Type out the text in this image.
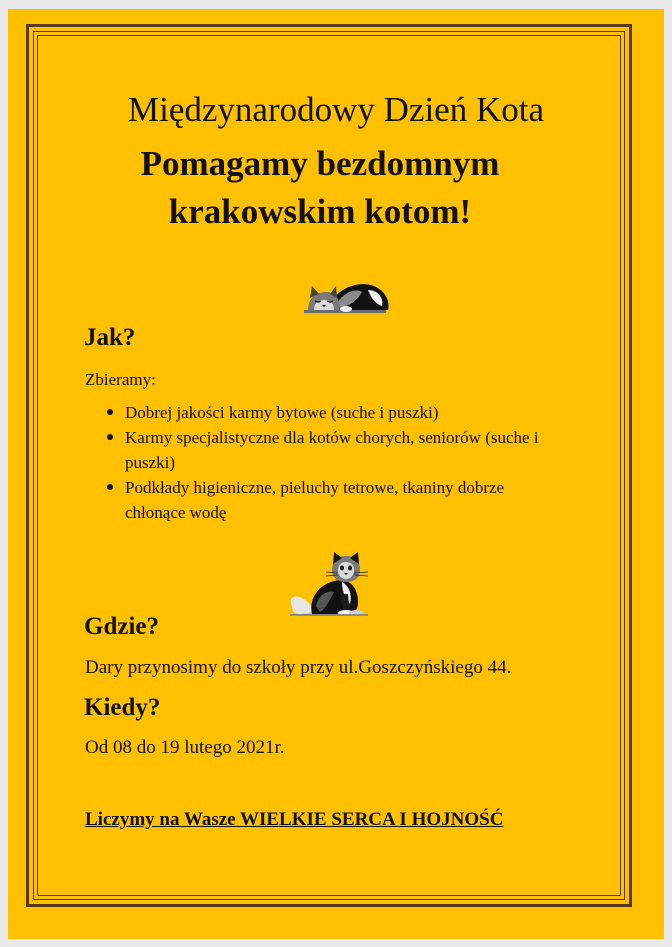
Międzynarodowy Dzień Kota
Pomagamy bezdomnym
krakowskim kotom!
Jak?

Zbieramy:

Dobrej jakości karmy bytowe (suche i puszki)
Karmy specjalistyczne dla kotów chorych, seniorów (suche i puszki)
Podkłady higieniczne, pieluchy tetrowe, tkaniny dobrze chłonące wodę
Gdzie?

Dary przynosimy do szkoły przy ul.Goszczyńskiego 44.

Kiedy?

Od 08 do 19 lutego 2021r.

Liczymy na Wasze WIELKIE SERCA I HOJNOŚĆ
